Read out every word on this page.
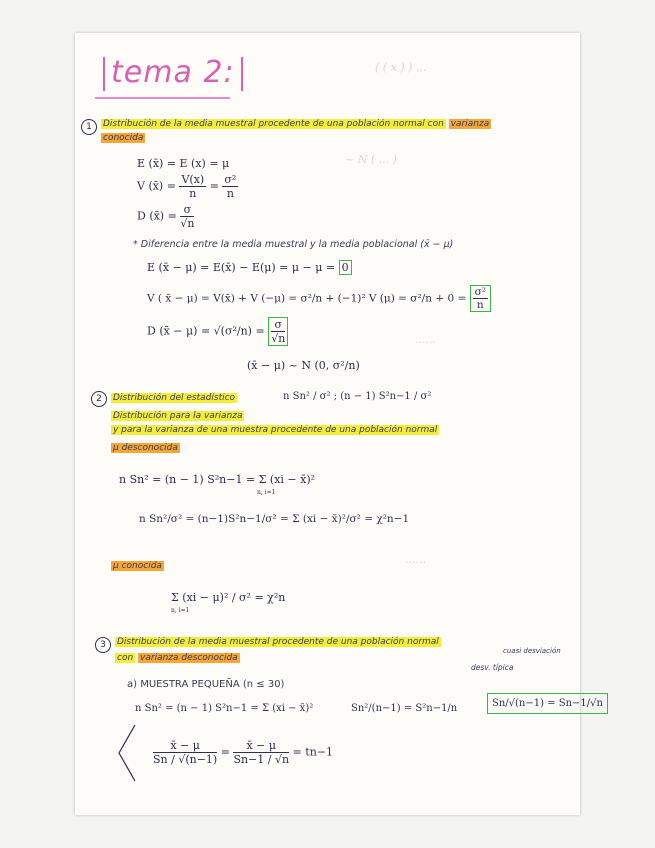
( ( x ) ) ...
~ N ( ... )
......
......
tema 2:
1	Distribución de la media muestral procedente de una población normal con varianza
conocida
E (x̄) = E (x) = μ
V (x̄) = $\frac{V(x)}{n} = \frac{\text{σ²}}{n}$
D (x̄) = $\frac{\sigma}{√n}$
* Diferencia entre la media muestral y la media poblacional (x̄ − μ)
E (x̄ − μ) = E(x̄) − E(μ) = μ − μ = 0
V ( x̄ − μ) = V(x̄) + V (−μ) = σ²/n + (−1)² V $(\mu) = \sigma^2/n + 0 = \frac{\text{σ²}}{n}$
D (x̄ − $\mu) = √(\sigma^2/n) = \frac{\sigma}{√n}$
(x̄ − μ) ~ N (0, σ²/n)
2	Distribución del estadístico	n Sn² / σ² ; (n − 1) S²n−1 / σ²
Distribución para la varianza
y para la varianza de una muestra procedente de una población normal
μ desconocida
n Sn² = (n − 1) S²n−1 = Σ (xi − x̄)²
n, i=1
n Sn²/σ² = (n−1)S²n−1/σ² = Σ (xi − x̄)²/σ² = χ²n−1
μ conocida
Σ (xi − μ)² / σ² = χ²n
n, i=1
3	Distribución de la media muestral procedente de una población normal
con varianza desconocida
a) MUESTRA PEQUEÑA (n ≤ 30)
cuasi desviación
desv. típica
n Sn² = (n − 1) S²n−1 = Σ (xi − x̄)²	Sn²/(n−1) = S²n−1/n	Sn/√(n−1) = Sn−1/√n
$\frac{x̄ - \mu}{Sn / √(n-1)} = \frac{x̄ - \mu}{Sn-1 / √n} = tn-1$
